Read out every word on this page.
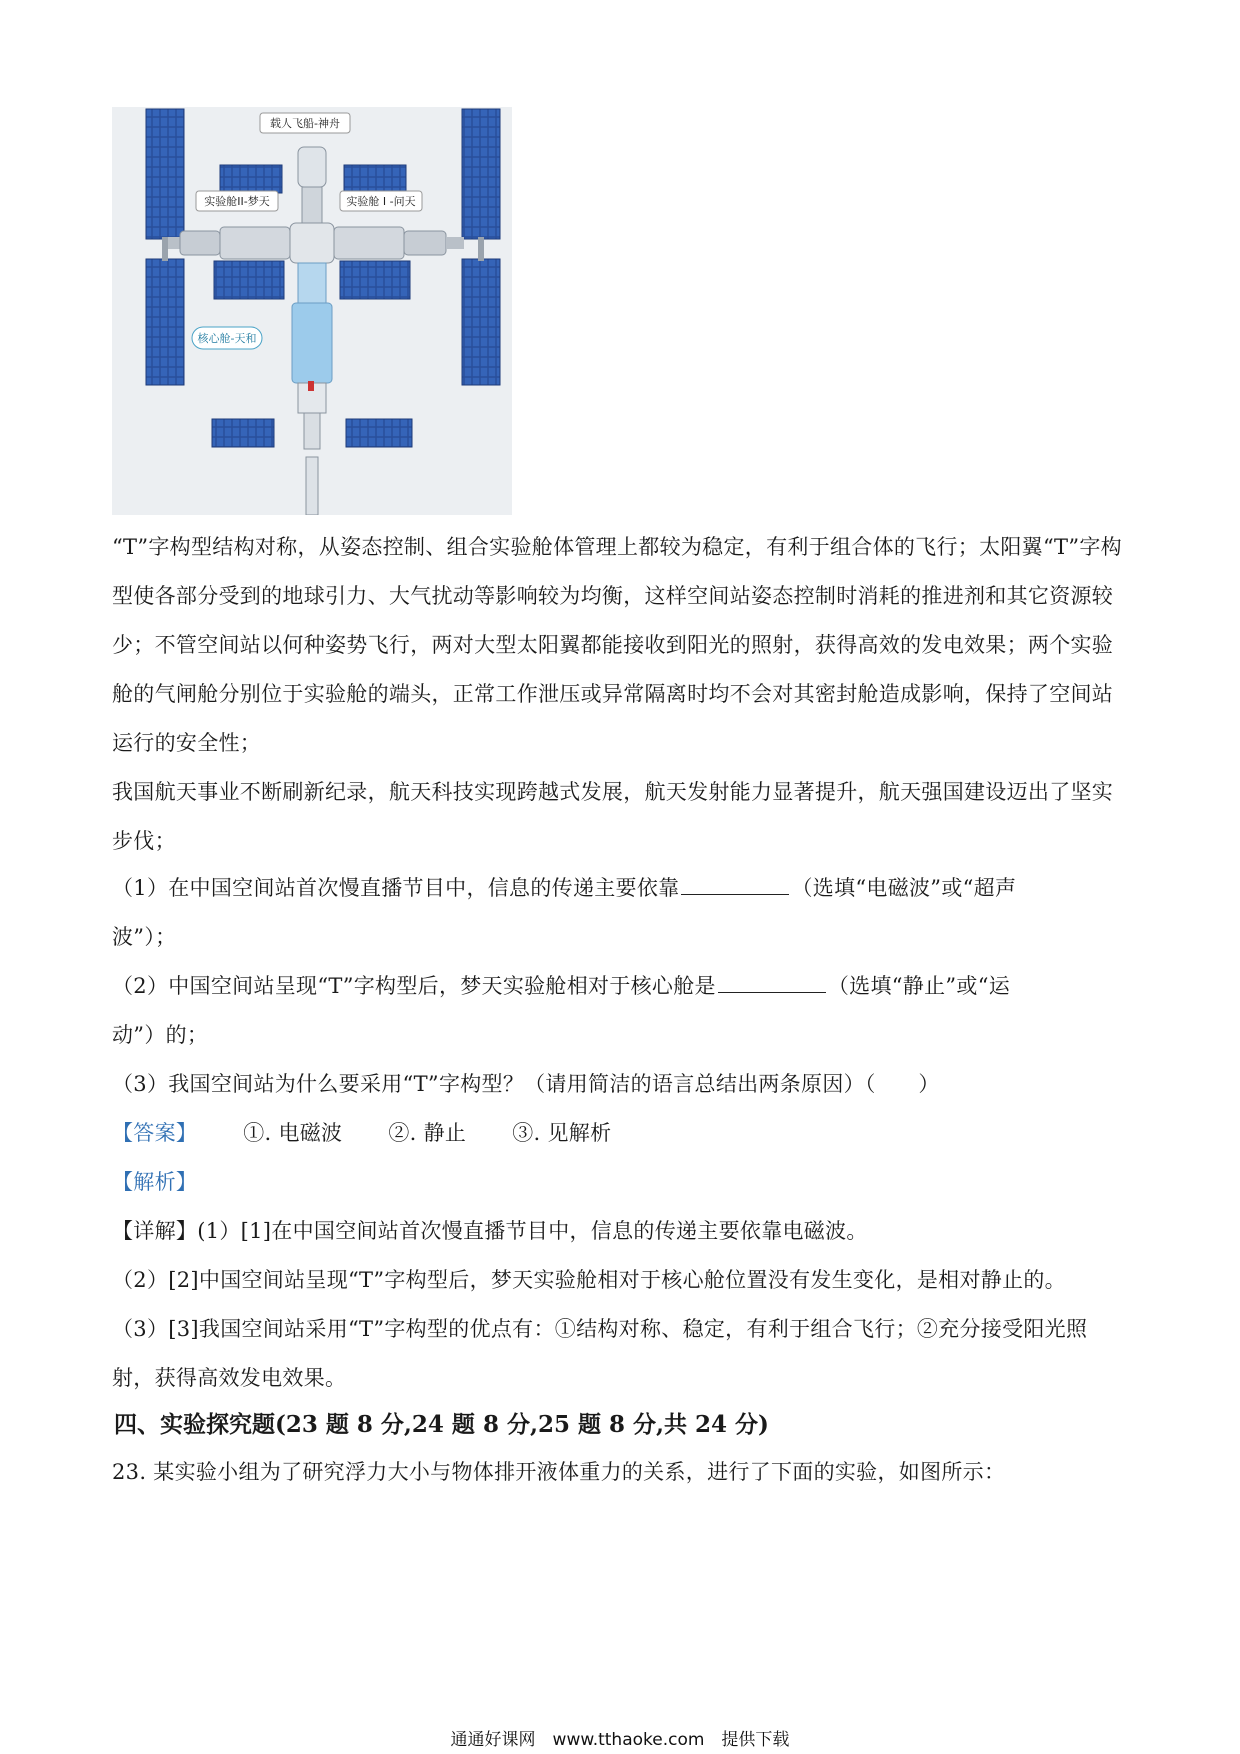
载人飞船-神舟
实验舱II-梦天	实验舱 I -问天
核心舱-天和
“T”字构型结构对称，从姿态控制、组合实验舱体管理上都较为稳定，有利于组合体的飞行；太阳翼“T”字构型使各部分受到的地球引力、大气扰动等影响较为均衡，这样空间站姿态控制时消耗的推进剂和其它资源较少；不管空间站以何种姿势飞行，两对大型太阳翼都能接收到阳光的照射，获得高效的发电效果；两个实验舱的气闸舱分别位于实验舱的端头，正常工作泄压或异常隔离时均不会对其密封舱造成影响，保持了空间站运行的安全性；
我国航天事业不断刷新纪录，航天科技实现跨越式发展，航天发射能力显著提升，航天强国建设迈出了坚实步伐；
（1）在中国空间站首次慢直播节目中，信息的传递主要依靠	（选填“电磁波”或“超声
波”）；
（2）中国空间站呈现“T”字构型后，梦天实验舱相对于核心舱是	（选填“静止”或“运
动”）的；
（3）我国空间站为什么要采用“T”字构型？（请用简洁的语言总结出两条原因）（　　）
【答案】 ①. 电磁波 ②. 静止 ③. 见解析
【解析】
【详解】(1）[1]在中国空间站首次慢直播节目中，信息的传递主要依靠电磁波。
（2）[2]中国空间站呈现“T”字构型后，梦天实验舱相对于核心舱位置没有发生变化，是相对静止的。
（3）[3]我国空间站采用“T”字构型的优点有：①结构对称、稳定，有利于组合飞行；②充分接受阳光照
射，获得高效发电效果。
四、实验探究题(23 题 8 分,24 题 8 分,25 题 8 分,共 24 分)
23. 某实验小组为了研究浮力大小与物体排开液体重力的关系，进行了下面的实验，如图所示：
通通好课网　www.tthaoke.com　提供下载
